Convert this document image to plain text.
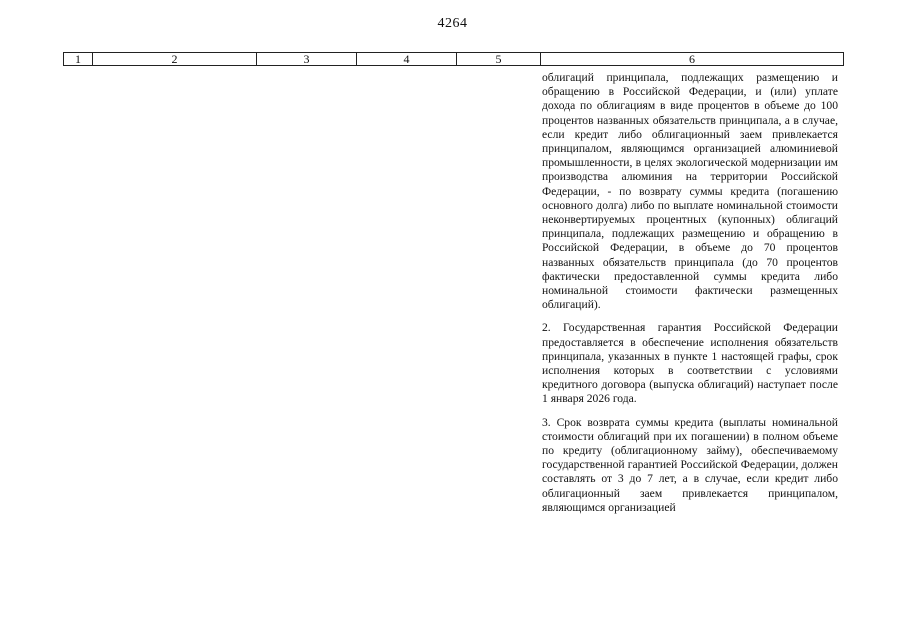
4264
1	2	3	4	5	6

облигаций принципала, подлежащих размещению и обращению в Российской Федерации, и (или) уплате дохода по облигациям в виде процентов в объеме до 100 процентов названных обязательств принципала, а в случае, если кредит либо облигационный заем привлекается принципалом, являющимся организацией алюминиевой промышленности, в целях экологической модернизации им производства алюминия на территории Российской Федерации, - по возврату суммы кредита (погашению основного долга) либо по выплате номинальной стоимости неконвертируемых процентных (купонных) облигаций принципала, подлежащих размещению и обращению в Российской Федерации, в объеме до 70 процентов названных обязательств принципала (до 70 процентов фактически предоставленной суммы кредита либо номинальной стоимости фактически размещенных облигаций).

2. Государственная гарантия Российской Федерации предоставляется в обеспечение исполнения обязательств принципала, указанных в пункте 1 настоящей графы, срок исполнения которых в соответствии с условиями кредитного договора (выпуска облигаций) наступает после 1 января 2026 года.

3. Срок возврата суммы кредита (выплаты номинальной стоимости облигаций при их погашении) в полном объеме по кредиту (облигационному займу), обеспечиваемому государственной гарантией Российской Федерации, должен составлять от 3 до 7 лет, а в случае, если кредит либо облигационный заем привлекается принципалом, являющимся организацией
